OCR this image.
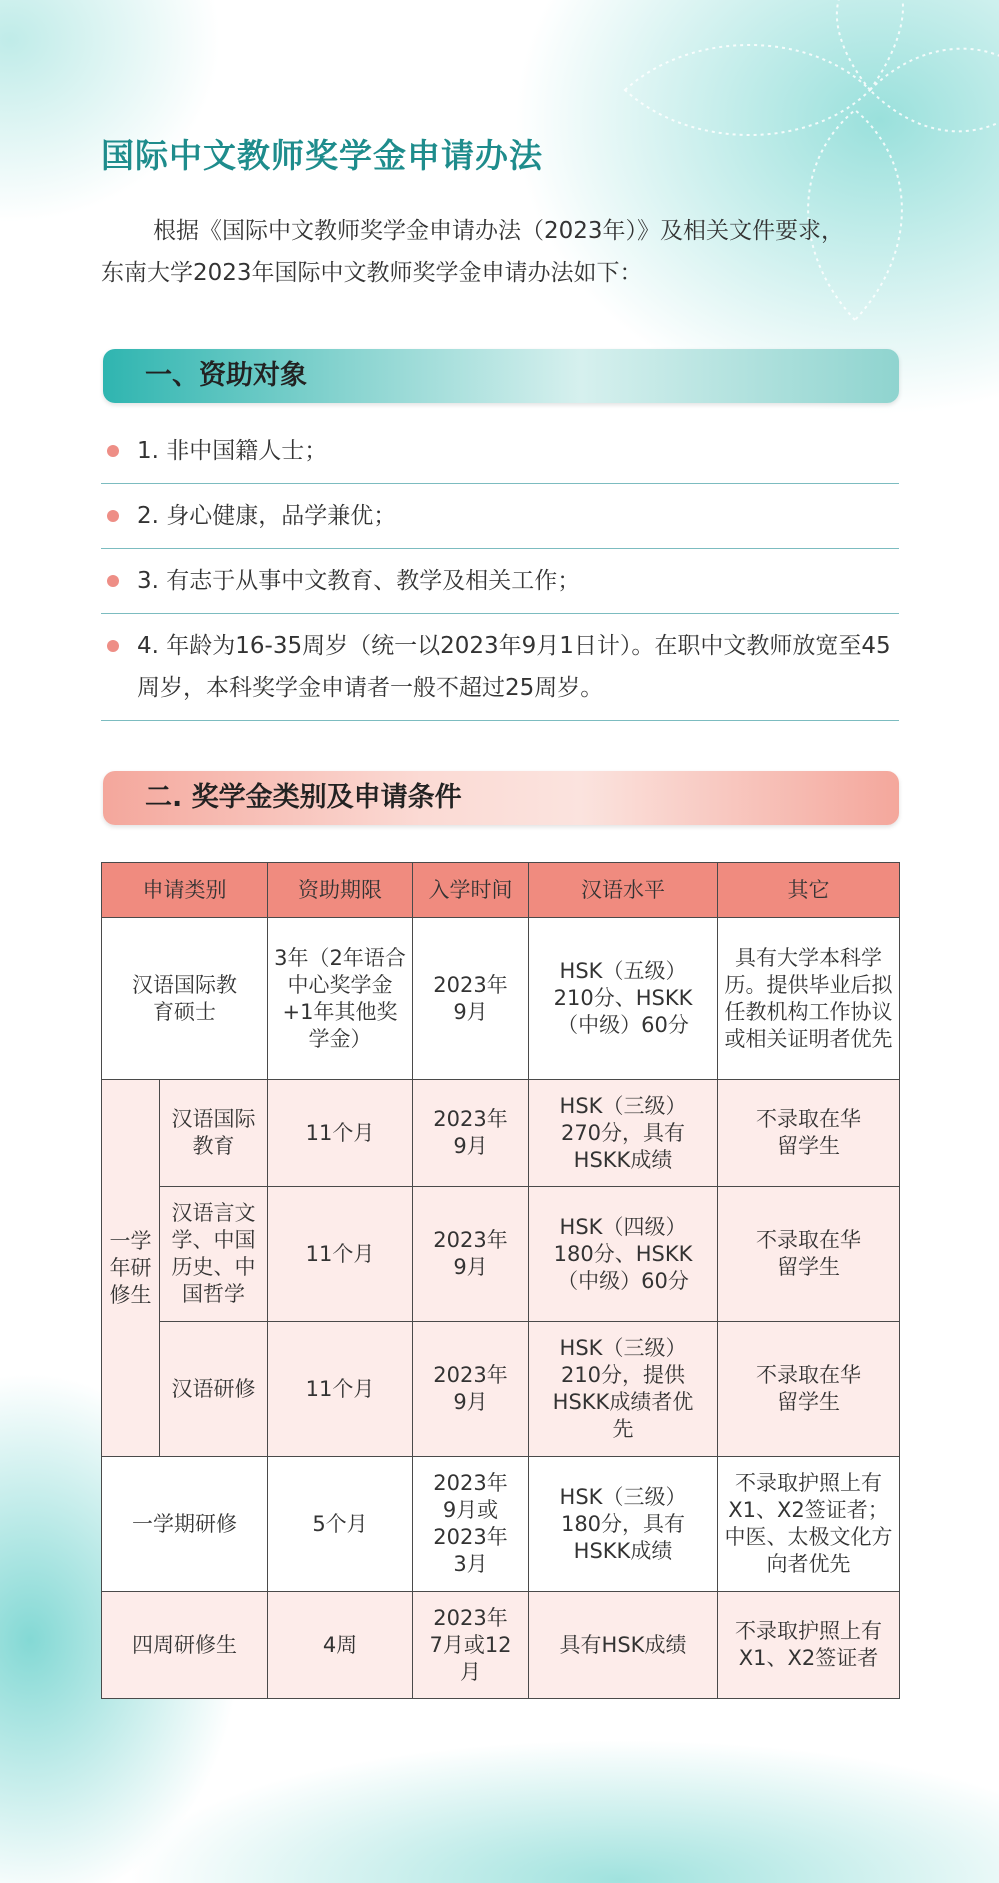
国际中文教师奖学金申请办法

根据《国际中文教师奖学金申请办法（2023年）》及相关文件要求，

东南大学2023年国际中文教师奖学金申请办法如下：

一、资助对象
1. 非中国籍人士；
2. 身心健康，品学兼优；
3. 有志于从事中文教育、教学及相关工作；
4. 年龄为16-35周岁（统一以2023年9月1日计）。在职中文教师放宽至45周岁，本科奖学金申请者一般不超过25周岁。
二. 奖学金类别及申请条件
申请类别		资助期限	入学时间	汉语水平	其它
汉语国际教育硕士		3年（2年语合中心奖学金+1年其他奖学金）	2023年9月	HSK（五级）210分、HSKK（中级）60分	具有大学本科学历。提供毕业后拟任教机构工作协议或相关证明者优先
一学年研修生	汉语国际教育	11个月	2023年9月	HSK（三级）270分，具有HSKK成绩	不录取在华留学生
	汉语言文学、中国历史、中国哲学	11个月	2023年9月	HSK（四级）180分、HSKK（中级）60分	不录取在华留学生
	汉语研修	11个月	2023年9月	HSK（三级）210分，提供HSKK成绩者优先	不录取在华留学生
一学期研修		5个月	2023年9月或2023年3月	HSK（三级）180分，具有HSKK成绩	不录取护照上有X1、X2签证者；中医、太极文化方向者优先
四周研修生		4周	2023年7月或12月	具有HSK成绩	不录取护照上有X1、X2签证者
